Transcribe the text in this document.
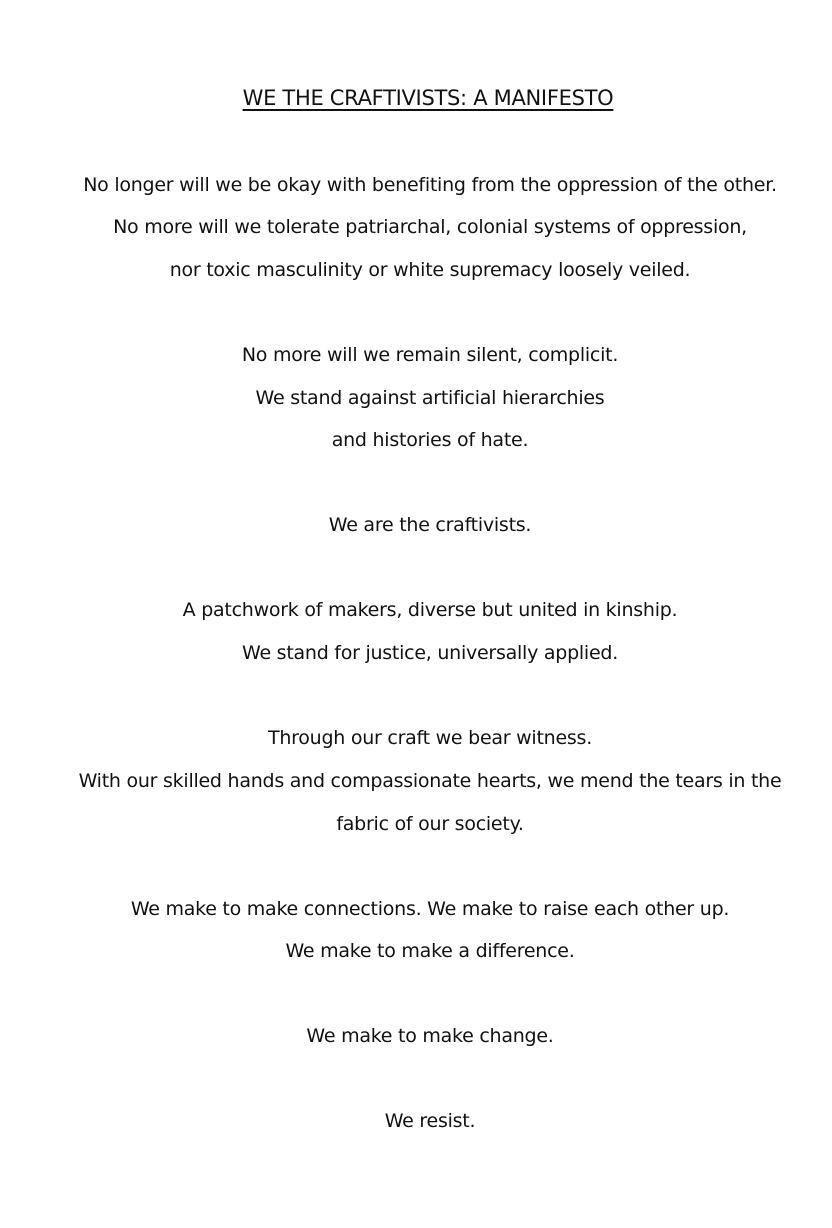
WE THE CRAFTIVISTS: A MANIFESTO

No longer will we be okay with benefiting from the oppression of the other.

No more will we tolerate patriarchal, colonial systems of oppression,

nor toxic masculinity or white supremacy loosely veiled.

No more will we remain silent, complicit.

We stand against artificial hierarchies

and histories of hate.

We are the craftivists.

A patchwork of makers, diverse but united in kinship.

We stand for justice, universally applied.

Through our craft we bear witness.

With our skilled hands and compassionate hearts, we mend the tears in the

fabric of our society.

We make to make connections. We make to raise each other up.

We make to make a difference.

We make to make change.

We resist.
